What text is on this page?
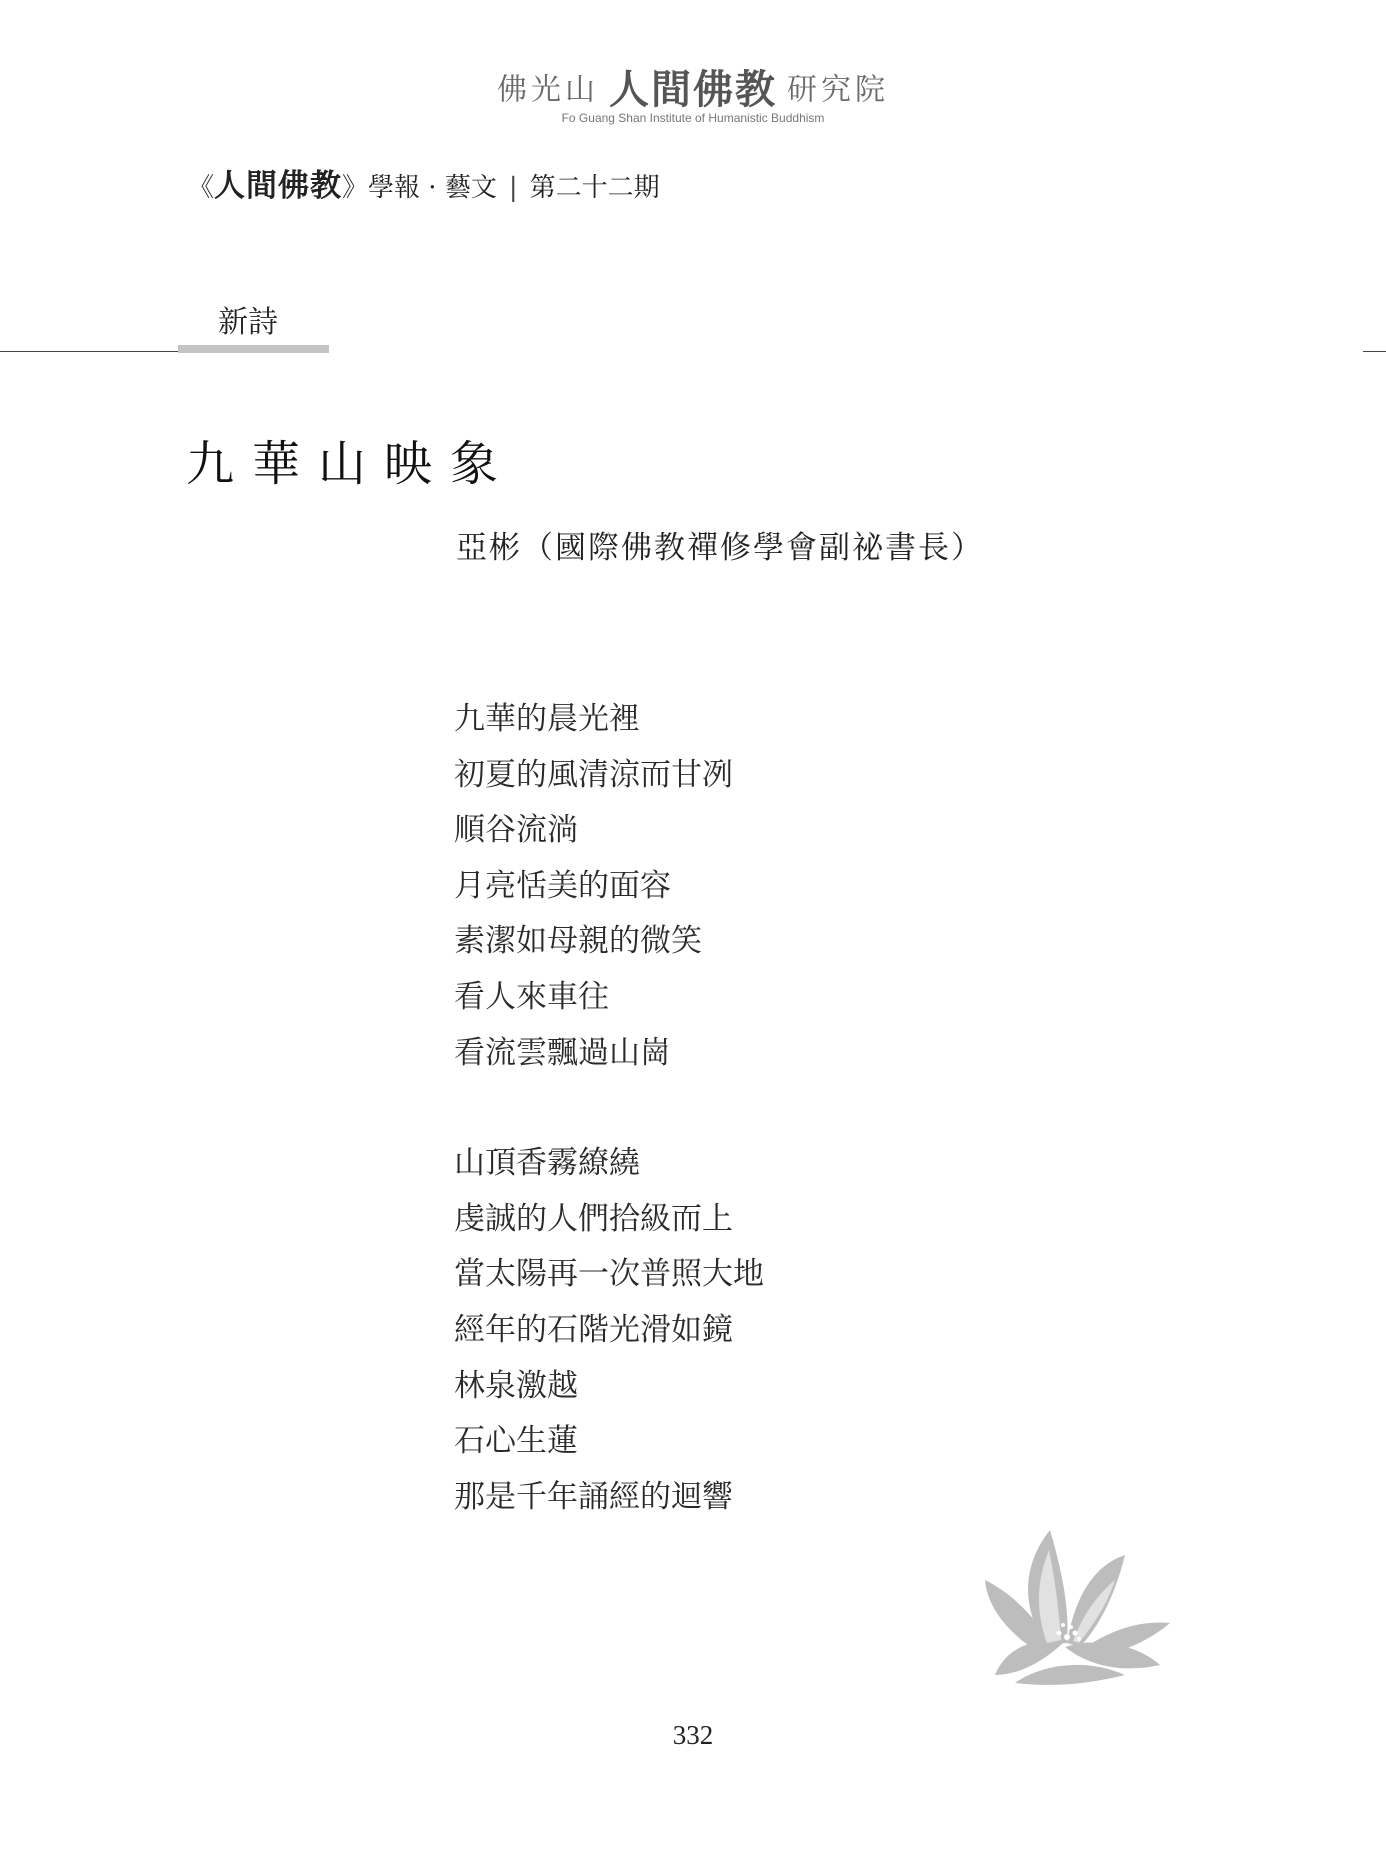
佛光山 人間佛教 研究院
Fo Guang Shan Institute of Humanistic Buddhism
《人間佛教》學報 · 藝文 | 第二十二期
新詩
九華山映象
亞彬（國際佛教禪修學會副祕書長）
九華的晨光裡
初夏的風清涼而甘冽
順谷流淌
月亮恬美的面容
素潔如母親的微笑
看人來車往
看流雲飄過山崗
山頂香霧繚繞
虔誠的人們拾級而上
當太陽再一次普照大地
經年的石階光滑如鏡
林泉激越
石心生蓮
那是千年誦經的迴響
332
